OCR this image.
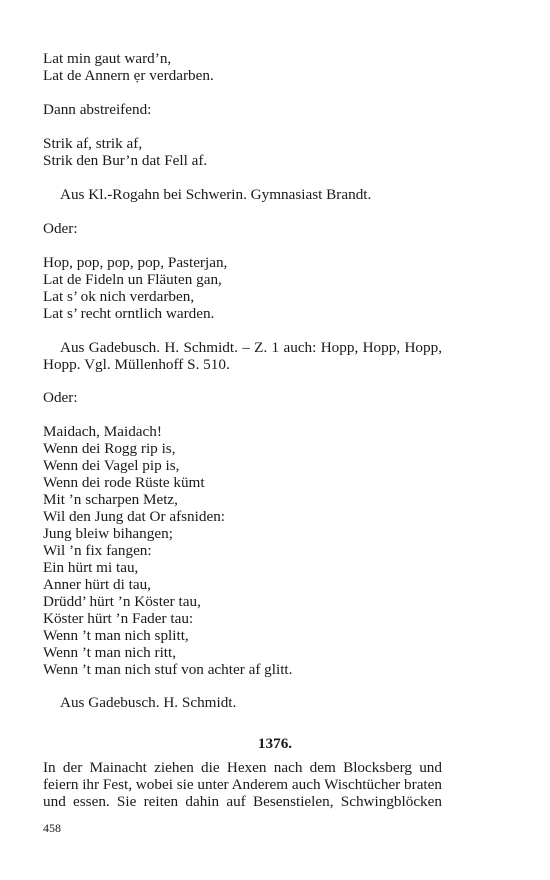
Lat min gaut ward’n,
Lat de Annern ẹr verdarben.
Dann abstreifend:
Strik af, strik af,
Strik den Bur’n dat Fell af.
Aus Kl.-Rogahn bei Schwerin. Gymnasiast Brandt.
Oder:
Hop, pop, pop, pop, Pasterjan,
Lat de Fideln un Fläuten gan,
Lat s’ ok nich verdarben,
Lat s’ recht orntlich warden.
Aus Gadebusch. H. Schmidt. – Z. 1 auch: Hopp, Hopp, Hopp,
Hopp. Vgl. Müllenhoff S. 510.
Oder:
Maidach, Maidach!
Wenn dei Rogg rip is,
Wenn dei Vagel pip is,
Wenn dei rode Rüste kümt
Mit ’n scharpen Metz,
Wil den Jung dat Or afsniden:
Jung bleiw bihangen;
Wil ’n fix fangen:
Ein hürt mi tau,
Anner hürt di tau,
Drüdd’ hürt ’n Köster tau,
Köster hürt ’n Fader tau:
Wenn ’t man nich splitt,
Wenn ’t man nich ritt,
Wenn ’t man nich stuf von achter af glitt.
Aus Gadebusch. H. Schmidt.
1376.
In der Mainacht ziehen die Hexen nach dem Blocksberg und
feiern ihr Fest, wobei sie unter Anderem auch Wischtücher braten
und essen. Sie reiten dahin auf Besenstielen, Schwingblöcken
458
